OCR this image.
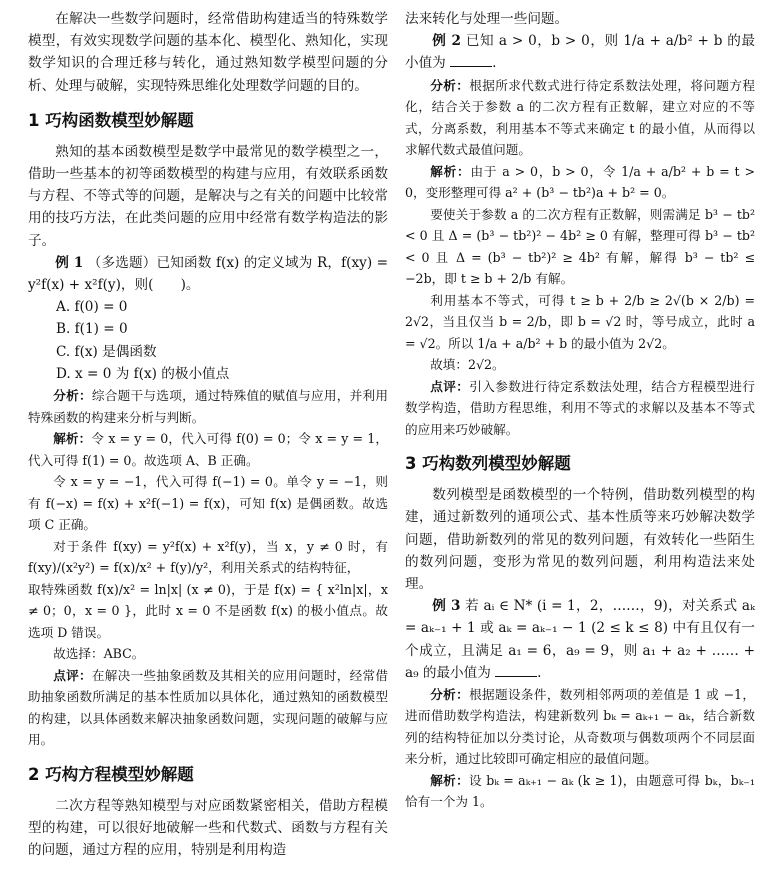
在解决一些数学问题时，经常借助构建适当的特殊数学模型，有效实现数学问题的基本化、模型化、熟知化，实现数学知识的合理迁移与转化，通过熟知数学模型问题的分析、处理与破解，实现特殊思维化处理数学问题的目的。

1 巧构函数模型妙解题

熟知的基本函数模型是数学中最常见的数学模型之一，借助一些基本的初等函数模型的构建与应用，有效联系函数与方程、不等式等的问题，是解决与之有关的问题中比较常用的技巧方法，在此类问题的应用中经常有数学构造法的影子。

例 1 （多选题）已知函数 f(x) 的定义域为 R，f(xy) = y²f(x) + x²f(y)，则(　　)。

A. f(0) = 0

B. f(1) = 0

C. f(x) 是偶函数

D. x = 0 为 f(x) 的极小值点

分析：综合题干与选项，通过特殊值的赋值与应用，并利用特殊函数的构建来分析与判断。

解析：令 x = y = 0，代入可得 f(0) = 0；令 x = y = 1，代入可得 f(1) = 0。故选项 A、B 正确。

令 x = y = −1，代入可得 f(−1) = 0。单令 y = −1，则有 f(−x) = f(x) + x²f(−1) = f(x)，可知 f(x) 是偶函数。故选项 C 正确。

对于条件 f(xy) = y²f(x) + x²f(y)，当 x，y ≠ 0 时，有 f(xy)/(x²y²) = f(x)/x² + f(y)/y²，利用关系式的结构特征，

取特殊函数 f(x)/x² = ln|x| (x ≠ 0)，于是 f(x) = { x²ln|x|，x ≠ 0；0，x = 0 }，此时 x = 0 不是函数 f(x) 的极小值点。故选项 D 错误。

故选择：ABC。

点评：在解决一些抽象函数及其相关的应用问题时，经常借助抽象函数所满足的基本性质加以具体化，通过熟知的函数模型的构建，以具体函数来解决抽象函数问题，实现问题的破解与应用。

2 巧构方程模型妙解题

二次方程等熟知模型与对应函数紧密相关，借助方程模型的构建，可以很好地破解一些和代数式、函数与方程有关的问题，通过方程的应用，特别是利用构造

法来转化与处理一些问题。

例 2 已知 a > 0，b > 0，则 1/a + a/b² + b 的最小值为	.

分析：根据所求代数式进行待定系数法处理，将问题方程化，结合关于参数 a 的二次方程有正数解，建立对应的不等式，分离系数，利用基本不等式来确定 t 的最小值，从而得以求解代数式最值问题。

解析：由于 a > 0，b > 0，令 1/a + a/b² + b = t > 0，变形整理可得 a² + (b³ − tb²)a + b² = 0。

要使关于参数 a 的二次方程有正数解，则需满足 b³ − tb² < 0 且 Δ = (b³ − tb²)² − 4b² ≥ 0 有解，整理可得 b³ − tb² < 0 且 Δ = (b³ − tb²)² ≥ 4b² 有解，解得 b³ − tb² ≤ −2b，即 t ≥ b + 2/b 有解。

利用基本不等式，可得 t ≥ b + 2/b ≥ 2√(b × 2/b) = 2√2，当且仅当 b = 2/b，即 b = √2 时，等号成立，此时 a = √2。所以 1/a + a/b² + b 的最小值为 2√2。

故填：2√2。

点评：引入参数进行待定系数法处理，结合方程模型进行数学构造，借助方程思维，利用不等式的求解以及基本不等式的应用来巧妙破解。

3 巧构数列模型妙解题

数列模型是函数模型的一个特例，借助数列模型的构建，通过新数列的通项公式、基本性质等来巧妙解决数学问题，借助新数列的常见的数列问题，有效转化一些陌生的数列问题，变形为常见的数列问题，利用构造法来处理。

例 3 若 aᵢ ∈ N* (i = 1，2，……，9)，对关系式 aₖ = aₖ₋₁ + 1 或 aₖ = aₖ₋₁ − 1 (2 ≤ k ≤ 8) 中有且仅有一个成立，且满足 a₁ = 6，a₉ = 9，则 a₁ + a₂ + …… + a₉ 的最小值为	.

分析：根据题设条件，数列相邻两项的差值是 1 或 −1，进而借助数学构造法，构建新数列 bₖ = aₖ₊₁ − aₖ，结合新数列的结构特征加以分类讨论，从奇数项与偶数项两个不同层面来分析，通过比较即可确定相应的最值问题。

解析：设 bₖ = aₖ₊₁ − aₖ (k ≥ 1)，由题意可得 bₖ，bₖ₋₁ 恰有一个为 1。
